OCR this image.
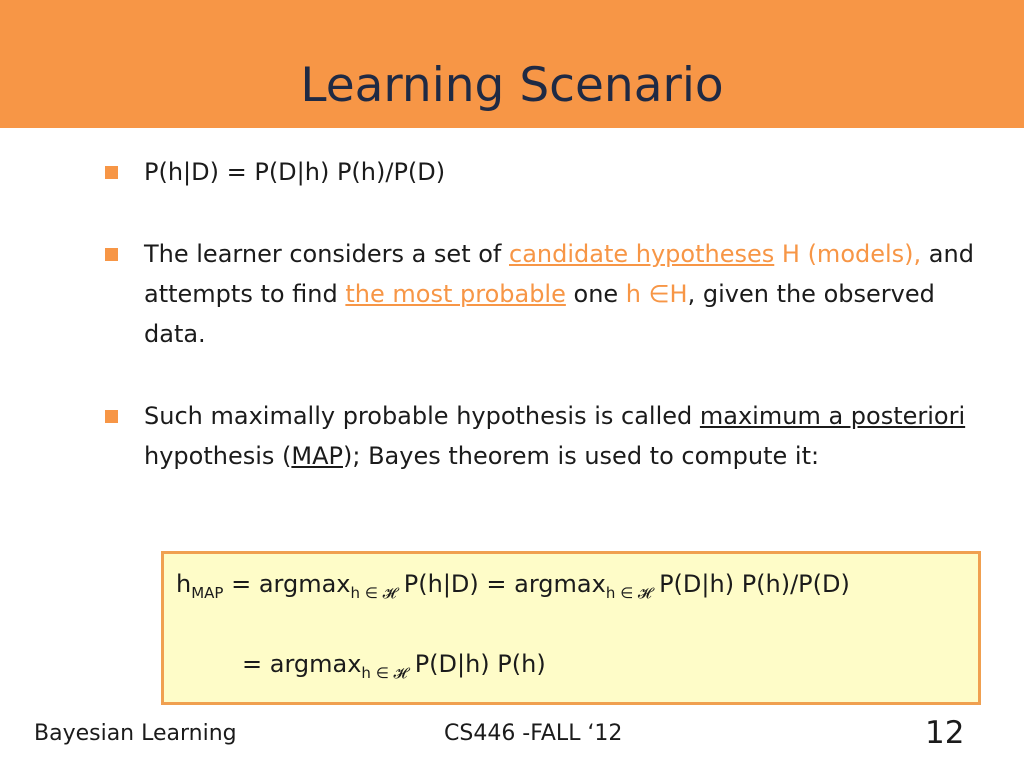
Learning Scenario
P(h|D) = P(D|h) P(h)/P(D)
The learner considers a set of candidate hypotheses H (models), and attempts to find the most probable one h ∈H, given the observed data.
Such maximally probable hypothesis is called maximum a posteriori hypothesis (MAP); Bayes theorem is used to compute it:
$h_{MAP} = argmax_{h \in 𝓗}$ P(h|D) = argmax$_{h \in 𝓗}$ P(D|h) P(h)/P(D)
= argmax$_{h \in 𝓗}$ P(D|h) P(h)
Bayesian Learning	CS446 -FALL ‘12	12
